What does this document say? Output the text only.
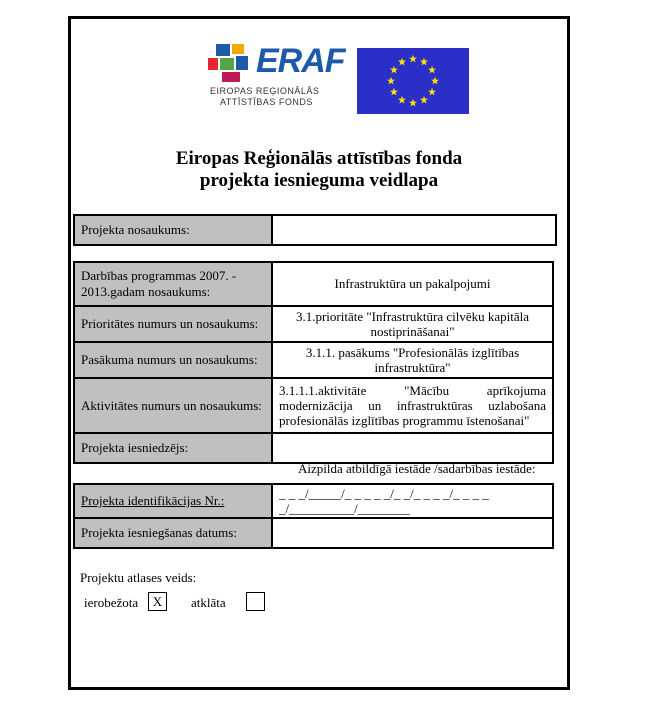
ERAF
EIROPAS REĢIONĀLĀS
ATTĪSTĪBAS FONDS
Eiropas Reģionālās attīstības fonda
projekta iesnieguma veidlapa
Projekta nosaukums:	
Darbības programmas 2007. - 2013.gadam nosaukums:	Infrastruktūra un pakalpojumi
Prioritātes numurs un nosaukums:	3.1.prioritāte "Infrastruktūra cilvēku kapitāla nostiprināšanai"
Pasākuma numurs un nosaukums:	3.1.1. pasākums "Profesionālās izglītības infrastruktūra"
Aktivitātes numurs un nosaukums:	3.1.1.1.aktivitāte "Mācību aprīkojuma modernizācija un infrastruktūras uzlabošana profesionālās izglītības programmu īstenošanai"
Projekta iesniedzējs:	
Aizpilda atbildīgā iestāde /sadarbības iestāde:
Projekta identifikācijas Nr.:	_ _ _/_____/_ _ _ _ _/_ _/_ _ _ _/_ _ _ _
_/__________/________

Projekta iesniegšanas datums:	
Projektu atlases veids:
ierobežota	X	atklāta
